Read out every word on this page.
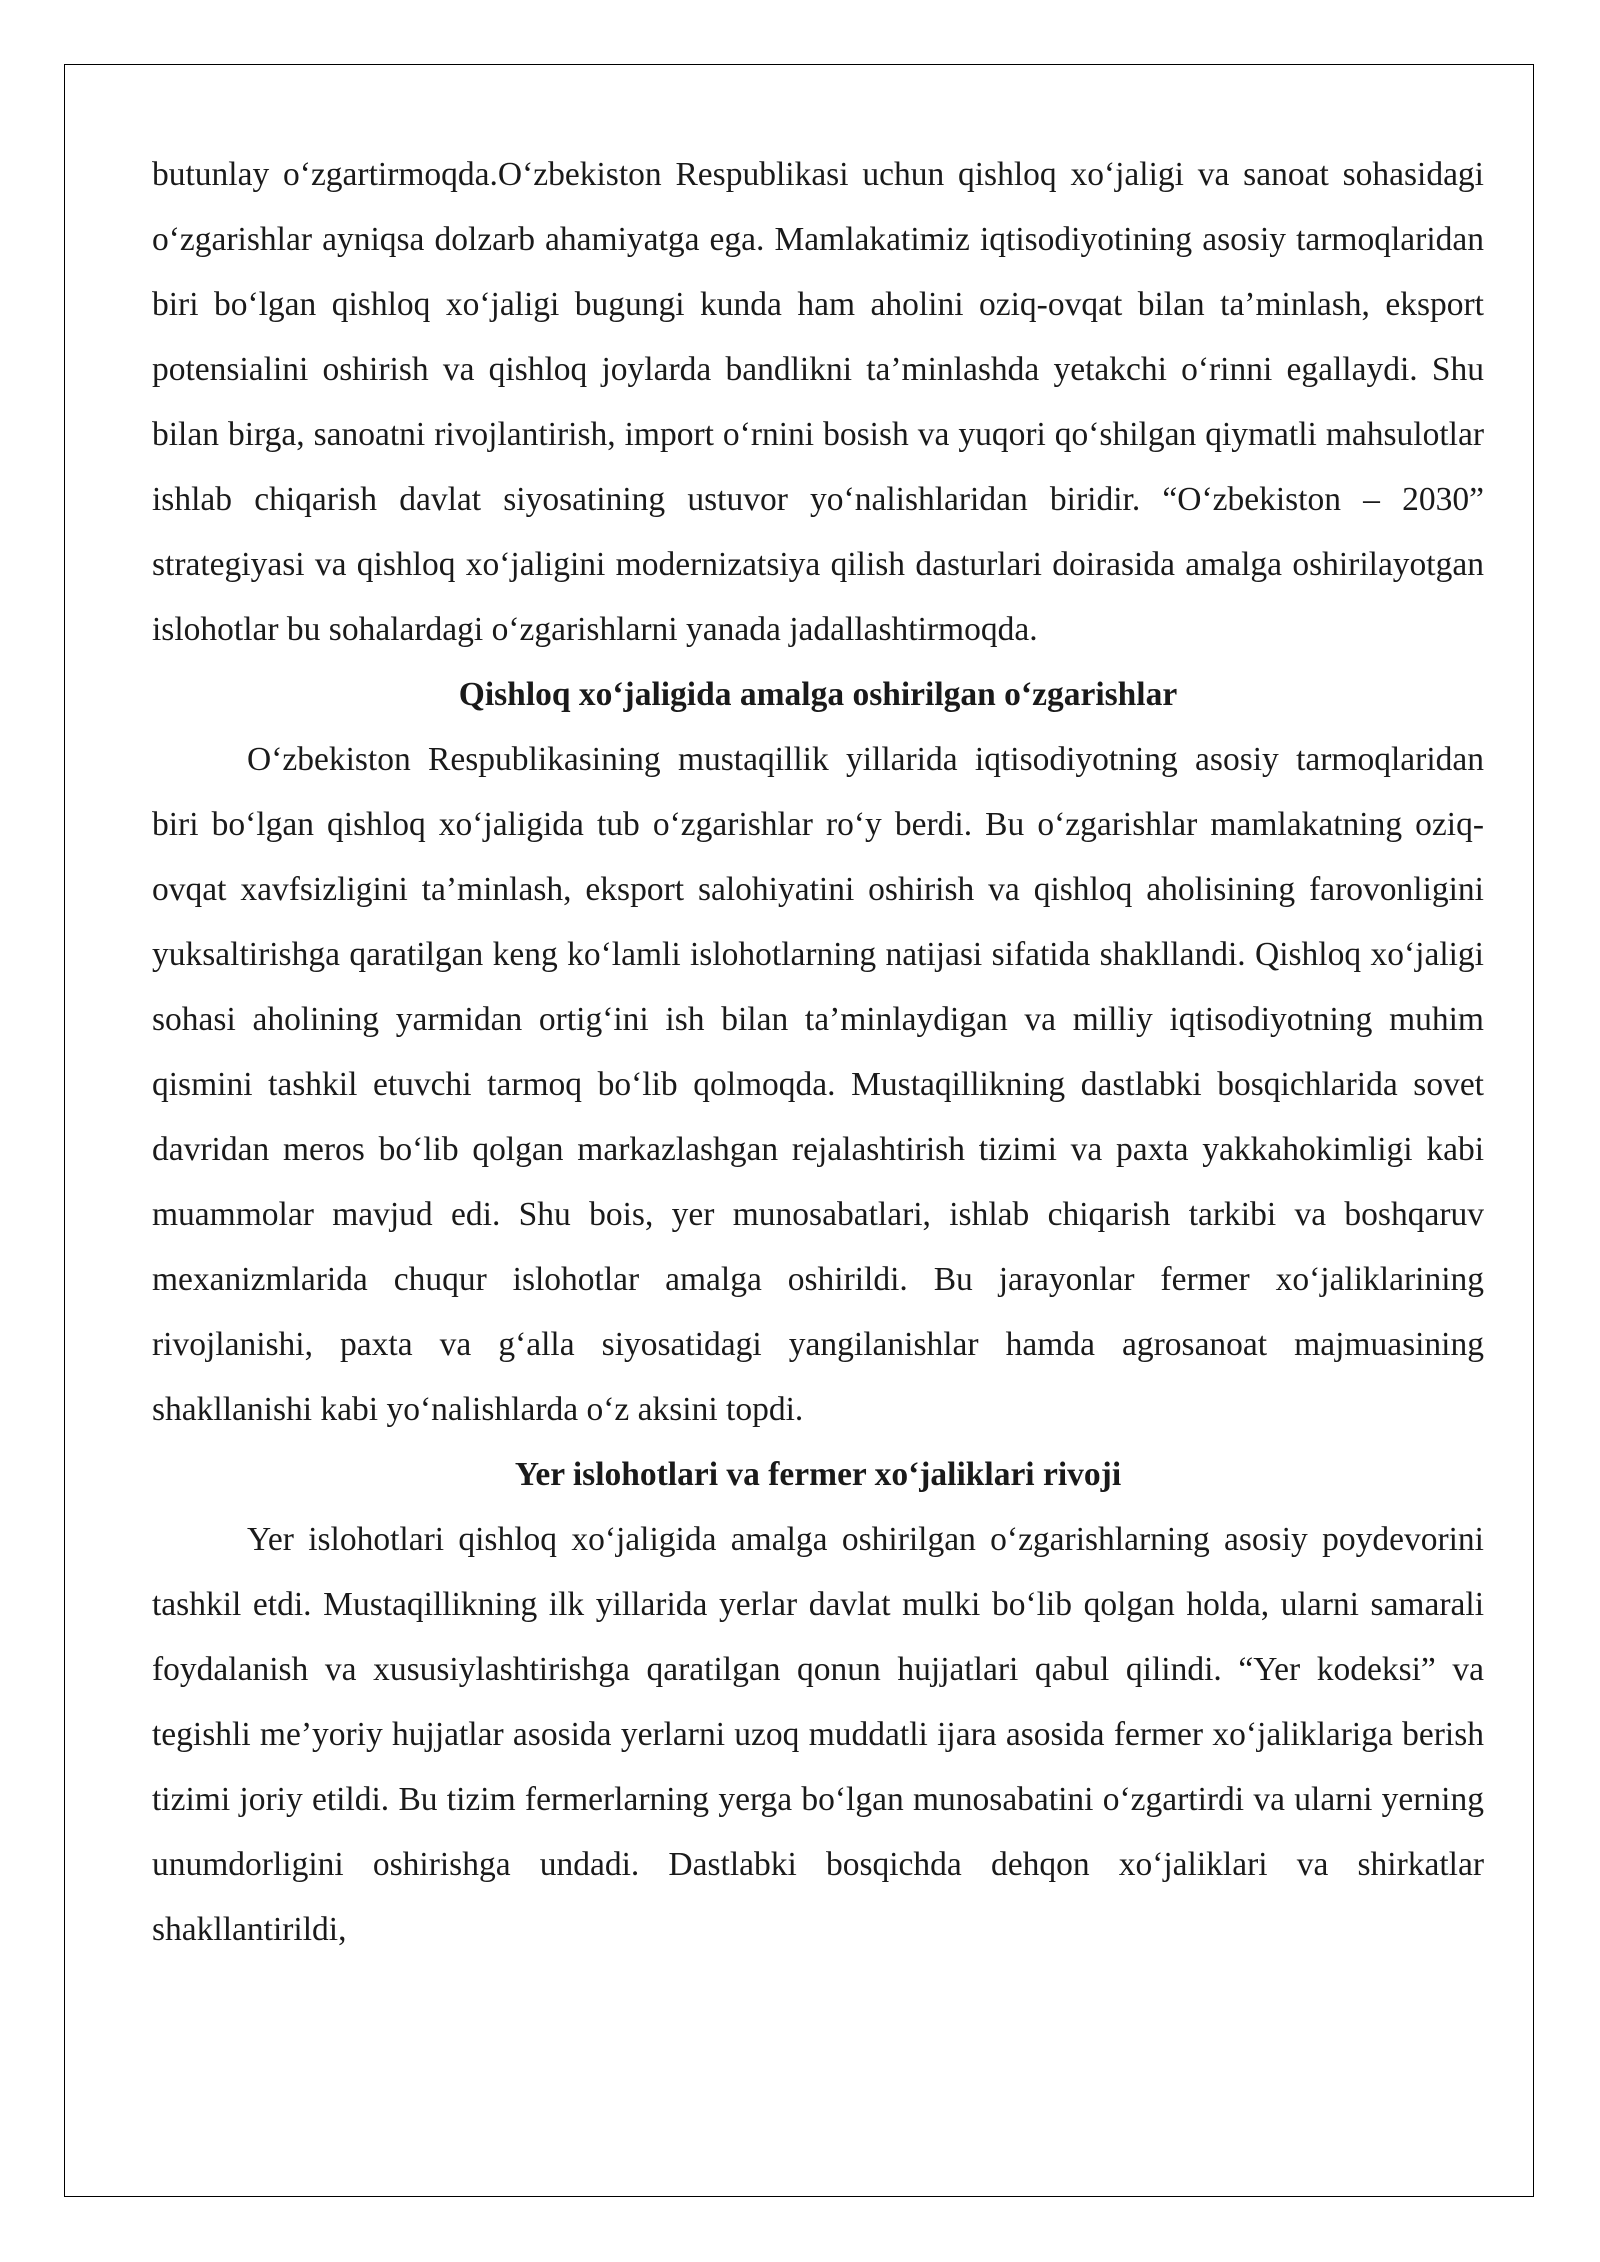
butunlay o‘zgartirmoqda.O‘zbekiston Respublikasi uchun qishloq xo‘jaligi va sanoat sohasidagi o‘zgarishlar ayniqsa dolzarb ahamiyatga ega. Mamlakatimiz iqtisodiyotining asosiy tarmoqlaridan biri bo‘lgan qishloq xo‘jaligi bugungi kunda ham aholini oziq-ovqat bilan ta’minlash, eksport potensialini oshirish va qishloq joylarda bandlikni ta’minlashda yetakchi o‘rinni egallaydi. Shu bilan birga, sanoatni rivojlantirish, import o‘rnini bosish va yuqori qo‘shilgan qiymatli mahsulotlar ishlab chiqarish davlat siyosatining ustuvor yo‘nalishlaridan biridir. “O‘zbekiston – 2030” strategiyasi va qishloq xo‘jaligini modernizatsiya qilish dasturlari doirasida amalga oshirilayotgan islohotlar bu sohalardagi o‘zgarishlarni yanada jadallashtirmoqda.

Qishloq xo‘jaligida amalga oshirilgan o‘zgarishlar

O‘zbekiston Respublikasining mustaqillik yillarida iqtisodiyotning asosiy tarmoqlaridan biri bo‘lgan qishloq xo‘jaligida tub o‘zgarishlar ro‘y berdi. Bu o‘zgarishlar mamlakatning oziq-ovqat xavfsizligini ta’minlash, eksport salohiyatini oshirish va qishloq aholisining farovonligini yuksaltirishga qaratilgan keng ko‘lamli islohotlarning natijasi sifatida shakllandi. Qishloq xo‘jaligi sohasi aholining yarmidan ortig‘ini ish bilan ta’minlaydigan va milliy iqtisodiyotning muhim qismini tashkil etuvchi tarmoq bo‘lib qolmoqda. Mustaqillikning dastlabki bosqichlarida sovet davridan meros bo‘lib qolgan markazlashgan rejalashtirish tizimi va paxta yakkahokimligi kabi muammolar mavjud edi. Shu bois, yer munosabatlari, ishlab chiqarish tarkibi va boshqaruv mexanizmlarida chuqur islohotlar amalga oshirildi. Bu jarayonlar fermer xo‘jaliklarining rivojlanishi, paxta va g‘alla siyosatidagi yangilanishlar hamda agrosanoat majmuasining shakllanishi kabi yo‘nalishlarda o‘z aksini topdi.

Yer islohotlari va fermer xo‘jaliklari rivoji

Yer islohotlari qishloq xo‘jaligida amalga oshirilgan o‘zgarishlarning asosiy poydevorini tashkil etdi. Mustaqillikning ilk yillarida yerlar davlat mulki bo‘lib qolgan holda, ularni samarali foydalanish va xususiylashtirishga qaratilgan qonun hujjatlari qabul qilindi. “Yer kodeksi” va tegishli me’yoriy hujjatlar asosida yerlarni uzoq muddatli ijara asosida fermer xo‘jaliklariga berish tizimi joriy etildi. Bu tizim fermerlarning yerga bo‘lgan munosabatini o‘zgartirdi va ularni yerning unumdorligini oshirishga undadi. Dastlabki bosqichda dehqon xo‘jaliklari va shirkatlar shakllantirildi,
